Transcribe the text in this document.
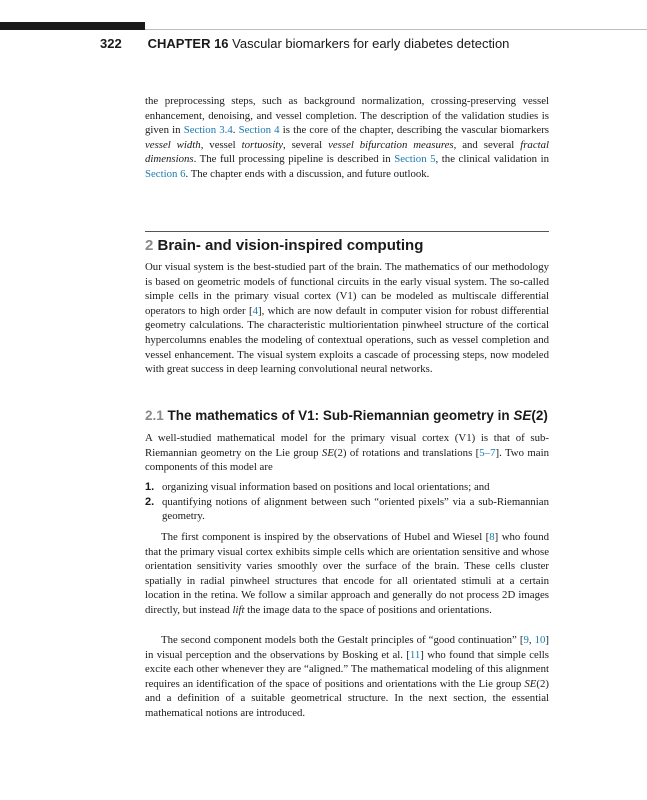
322 CHAPTER 16 Vascular biomarkers for early diabetes detection
the preprocessing steps, such as background normalization, crossing-preserving vessel enhancement, denoising, and vessel completion. The description of the validation studies is given in Section 3.4. Section 4 is the core of the chapter, describing the vascular biomarkers vessel width, vessel tortuosity, several vessel bifurcation measures, and several fractal dimensions. The full processing pipeline is described in Section 5, the clinical validation in Section 6. The chapter ends with a discussion, and future outlook.
2 Brain- and vision-inspired computing
Our visual system is the best-studied part of the brain. The mathematics of our methodology is based on geometric models of functional circuits in the early visual system. The so-called simple cells in the primary visual cortex (V1) can be modeled as multiscale differential operators to high order [4], which are now default in computer vision for robust differential geometry calculations. The characteristic multiorientation pinwheel structure of the cortical hypercolumns enables the modeling of contextual operations, such as vessel completion and vessel enhancement. The visual system exploits a cascade of processing steps, now modeled with great success in deep learning convolutional neural networks.
2.1 The mathematics of V1: Sub-Riemannian geometry in SE(2)
A well-studied mathematical model for the primary visual cortex (V1) is that of sub-Riemannian geometry on the Lie group SE(2) of rotations and translations [5–7]. Two main components of this model are
1. organizing visual information based on positions and local orientations; and
2. quantifying notions of alignment between such “oriented pixels” via a sub-Riemannian geometry.
The first component is inspired by the observations of Hubel and Wiesel [8] who found that the primary visual cortex exhibits simple cells which are orientation sensitive and whose orientation sensitivity varies smoothly over the surface of the brain. These cells cluster spatially in radial pinwheel structures that encode for all orientated stimuli at a certain location in the retina. We follow a similar approach and generally do not process 2D images directly, but instead lift the image data to the space of positions and orientations.
The second component models both the Gestalt principles of “good continuation” [9, 10] in visual perception and the observations by Bosking et al. [11] who found that simple cells excite each other whenever they are “aligned.” The mathematical modeling of this alignment requires an identification of the space of positions and orientations with the Lie group SE(2) and a definition of a suitable geometrical structure. In the next section, the essential mathematical notions are introduced.
